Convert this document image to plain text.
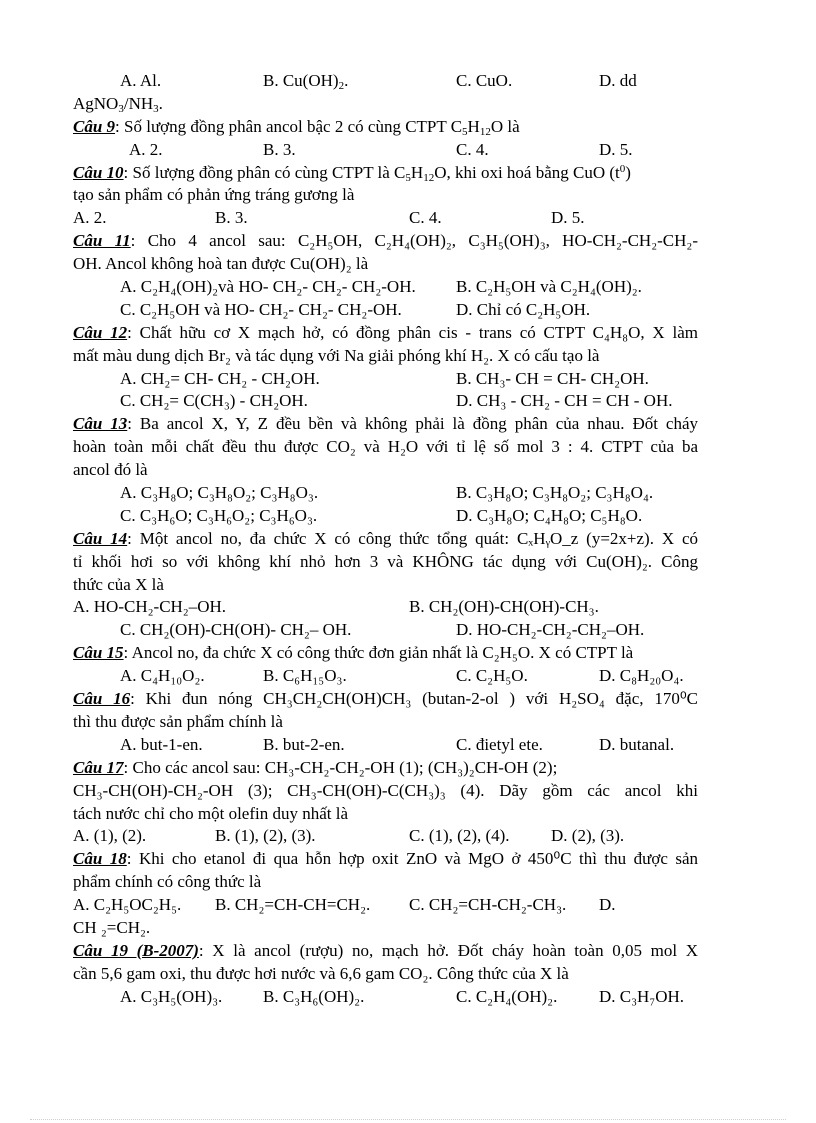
A. Al.	B. $Cu(OH)_2$.	C. CuO.	D. dd
$AgNO_3/NH_3$.
Câu 9: Số lượng đồng phân ancol bậc 2 có cùng CTPT $C_5H_{12}O$ là
A. 2.	B. 3.	C. 4.	D. 5.
Câu 10: Số lượng đồng phân có cùng CTPT là $C_5H_{12}O$, khi oxi hoá bằng CuO $(t^0)$
tạo sản phẩm có phản ứng tráng gương là
A. 2.	B. 3.	C. 4.	D. 5.
Câu 11: Cho 4 ancol sau: C₂H₅OH, C₂H₄(OH)₂, C₃H₅(OH)₃, HO-CH₂-CH₂-CH₂-
OH. Ancol không hoà tan được Cu(OH)₂ là
A. C₂H₄(OH)₂và HO- CH₂- CH₂- CH₂-OH. B. C₂H₅OH và C₂H₄(OH)₂.
C. C₂H₅OH và HO- CH₂- CH₂- CH₂-OH.	D. Chỉ có C₂H₅OH.
Câu 12: Chất hữu cơ X mạch hở, có đồng phân cis - trans có CTPT C₄H₈O, X làm
mất màu dung dịch Br₂ và tác dụng với Na giải phóng khí H₂. X có cấu tạo là
A. CH₂= CH- CH₂ - CH₂OH.	B. CH₃- CH = CH- CH₂OH.
C. CH₂= C(CH₃) - CH₂OH.	D. CH₃ - CH₂ - CH = CH - OH.
Câu 13: Ba ancol X, Y, Z đều bền và không phải là đồng phân của nhau. Đốt cháy
hoàn toàn mỗi chất đều thu được CO₂ và H₂O với tỉ lệ số mol 3 : 4. CTPT của ba
ancol đó là
A. C₃H₈O; C₃H₈O₂; C₃H₈O₃.	B. C₃H₈O; C₃H₈O₂; C₃H₈O₄.
C. C₃H₆O; C₃H₆O₂; C₃H₆O₃.	D. C₃H₈O; C₄H₈O; C₅H₈O.
Câu 14: Một ancol no, đa chức X có công thức tổng quát: CₓHᵧO_z (y=2x+z). X có
tỉ khối hơi so với không khí nhỏ hơn 3 và KHÔNG tác dụng với Cu(OH)₂. Công
thức của X là
A. HO-CH₂-CH₂–OH.	B. CH₂(OH)-CH(OH)-CH₃.
C. CH₂(OH)-CH(OH)- CH₂– OH.	D. HO-CH₂-CH₂-CH₂–OH.
Câu 15: Ancol no, đa chức X có công thức đơn giản nhất là C₂H₅O. X có CTPT là
A. C₄H₁₀O₂.	B. C₆H₁₅O₃.	C. C₂H₅O.	D. C₈H₂₀O₄.
Câu 16: Khi đun nóng CH₃CH₂CH(OH)CH₃ (butan-2-ol ) với H₂SO₄ đặc, 170⁰C
thì thu được sản phẩm chính là
A. but-1-en.	B. but-2-en.	C. đietyl ete.	D. butanal.
Câu 17: Cho các ancol sau: CH₃-CH₂-CH₂-OH (1); (CH₃)₂CH-OH (2);
CH₃-CH(OH)-CH₂-OH (3); CH₃-CH(OH)-C(CH₃)₃ (4). Dãy gồm các ancol khi
tách nước chỉ cho một olefin duy nhất là
A. (1), (2).	B. (1), (2), (3).	C. (1), (2), (4). D. (2), (3).
Câu 18: Khi cho etanol đi qua hỗn hợp oxit ZnO và MgO ở 450⁰C thì thu được sản
phẩm chính có công thức là
A. C₂H₅OC₂H₅. B. CH₂=CH-CH=CH₂. C. CH₂=CH-CH₂-CH₃. D.
CH ₂=CH₂.
Câu 19 (B-2007): X là ancol (rượu) no, mạch hở. Đốt cháy hoàn toàn 0,05 mol X
cần 5,6 gam oxi, thu được hơi nước và 6,6 gam CO₂. Công thức của X là
A. C₃H₅(OH)₃. B. C₃H₆(OH)₂.	C. C₂H₄(OH)₂. D. C₃H₇OH.
